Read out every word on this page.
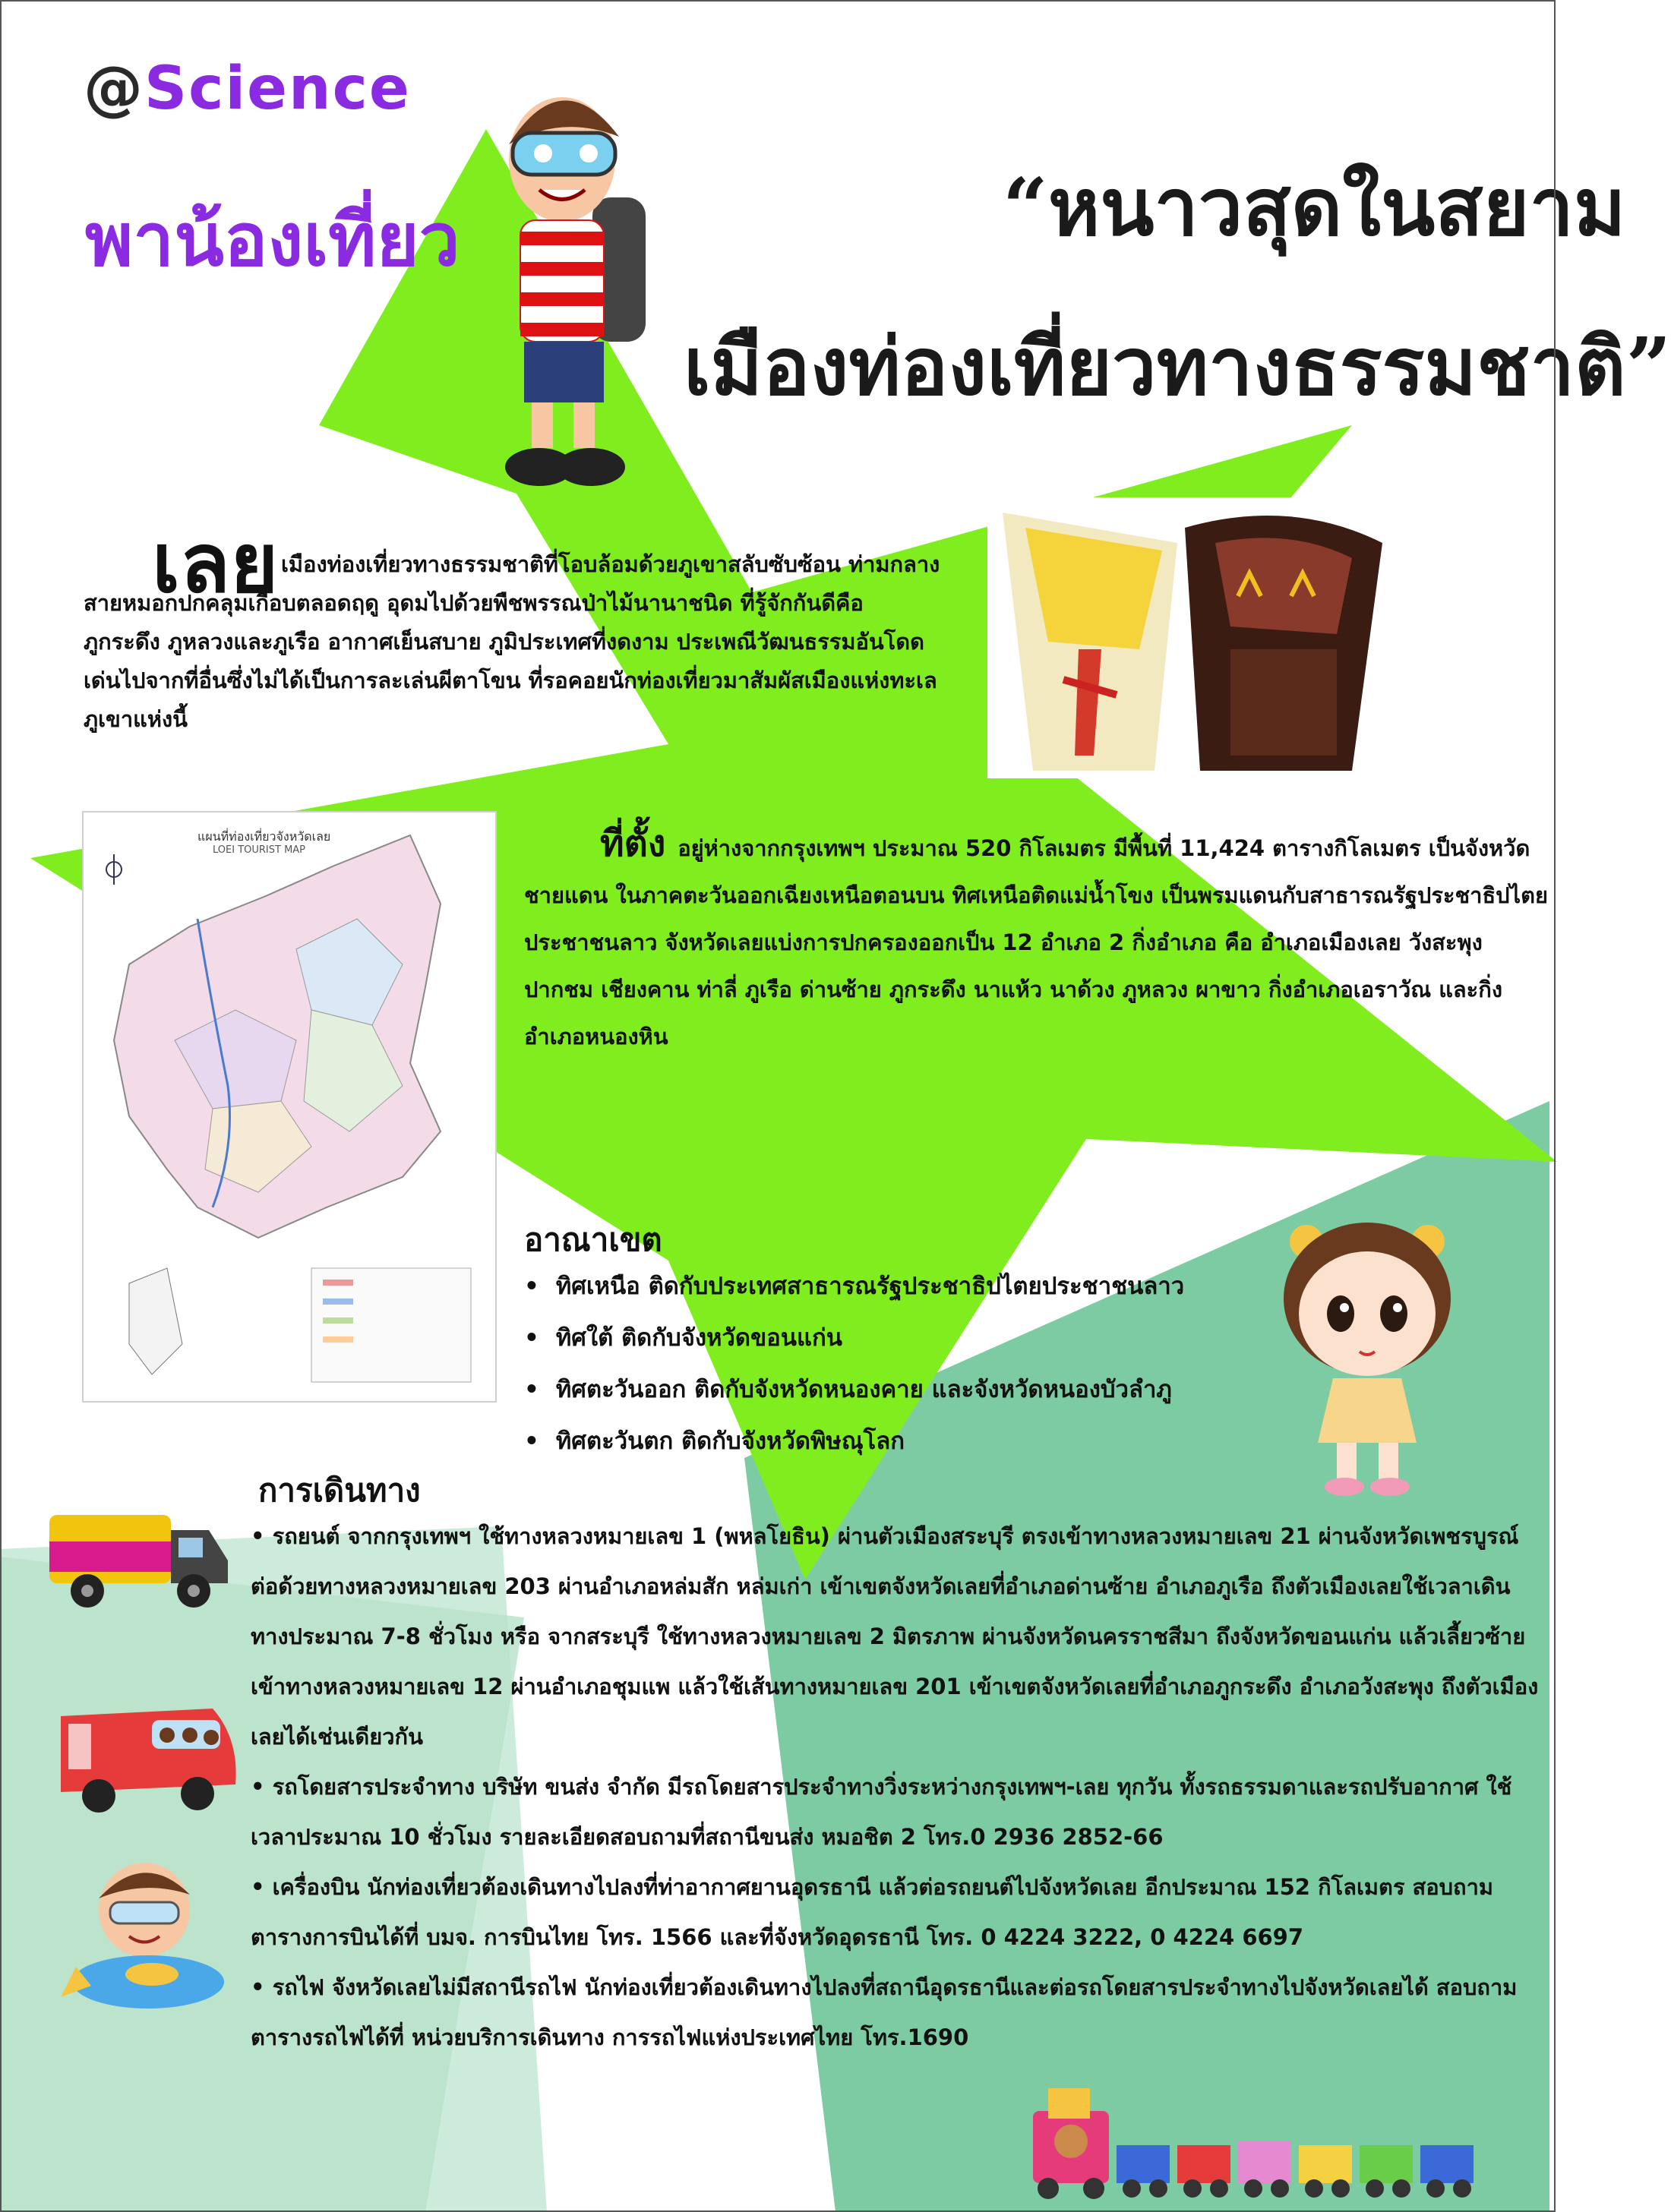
@Science
พาน้องเที่ยว	“หนาวสุดในสยาม
เมืองท่องเที่ยวทางธรรมชาติ”
เลย เมืองท่องเที่ยวทางธรรมชาติที่โอบล้อมด้วยภูเขาสลับซับซ้อน ท่ามกลางสายหมอกปกคลุมเกือบตลอดฤดู อุดมไปด้วยพืชพรรณป่าไม้นานาชนิด ที่รู้จักกันดีคือ ภูกระดึง ภูหลวงและภูเรือ อากาศเย็นสบาย ภูมิประเทศที่งดงาม ประเพณีวัฒนธรรมอันโดดเด่นไปจากที่อื่นซึ่งไม่ได้เป็นการละเล่นผีตาโขน ที่รอคอยนักท่องเที่ยวมาสัมผัสเมืองแห่งทะเลภูเขาแห่งนี้
แผนที่ท่องเที่ยวจังหวัดเลย
LOEI TOURIST MAP	ที่ตั้ง อยู่ห่างจากกรุงเทพฯ ประมาณ 520 กิโลเมตร มีพื้นที่ 11,424 ตารางกิโลเมตร เป็นจังหวัดชายแดน ในภาคตะวันออกเฉียงเหนือตอนบน ทิศเหนือติดแม่น้ำโขง เป็นพรมแดนกับสาธารณรัฐประชาธิปไตยประชาชนลาว จังหวัดเลยแบ่งการปกครองออกเป็น 12 อำเภอ 2 กิ่งอำเภอ คือ อำเภอเมืองเลย วังสะพุง ปากชม เชียงคาน ท่าลี่ ภูเรือ ด่านซ้าย ภูกระดึง นาแห้ว นาด้วง ภูหลวง ผาขาว กิ่งอำเภอเอราวัณ และกิ่งอำเภอหนองหิน
อาณาเขต
• ทิศเหนือ ติดกับประเทศสาธารณรัฐประชาธิปไตยประชาชนลาว
• ทิศใต้ ติดกับจังหวัดขอนแก่น
• ทิศตะวันออก ติดกับจังหวัดหนองคาย และจังหวัดหนองบัวลำภู
• ทิศตะวันตก ติดกับจังหวัดพิษณุโลก
การเดินทาง

• รถยนต์ จากกรุงเทพฯ ใช้ทางหลวงหมายเลข 1 (พหลโยธิน) ผ่านตัวเมืองสระบุรี ตรงเข้าทางหลวงหมายเลข 21 ผ่านจังหวัดเพชรบูรณ์ ต่อด้วยทางหลวงหมายเลข 203 ผ่านอำเภอหล่มสัก หล่มเก่า เข้าเขตจังหวัดเลยที่อำเภอด่านซ้าย อำเภอภูเรือ ถึงตัวเมืองเลยใช้เวลาเดินทางประมาณ 7-8 ชั่วโมง หรือ จากสระบุรี ใช้ทางหลวงหมายเลข 2 มิตรภาพ ผ่านจังหวัดนครราชสีมา ถึงจังหวัดขอนแก่น แล้วเลี้ยวซ้ายเข้าทางหลวงหมายเลข 12 ผ่านอำเภอชุมแพ แล้วใช้เส้นทางหมายเลข 201 เข้าเขตจังหวัดเลยที่อำเภอภูกระดึง อำเภอวังสะพุง ถึงตัวเมืองเลยได้เช่นเดียวกัน

• รถโดยสารประจำทาง บริษัท ขนส่ง จำกัด มีรถโดยสารประจำทางวิ่งระหว่างกรุงเทพฯ-เลย ทุกวัน ทั้งรถธรรมดาและรถปรับอากาศ ใช้เวลาประมาณ 10 ชั่วโมง รายละเอียดสอบถามที่สถานีขนส่ง หมอชิต 2 โทร.0 2936 2852-66

• เครื่องบิน นักท่องเที่ยวต้องเดินทางไปลงที่ท่าอากาศยานอุดรธานี แล้วต่อรถยนต์ไปจังหวัดเลย อีกประมาณ 152 กิโลเมตร สอบถามตารางการบินได้ที่ บมจ. การบินไทย โทร. 1566 และที่จังหวัดอุดรธานี โทร. 0 4224 3222, 0 4224 6697

• รถไฟ จังหวัดเลยไม่มีสถานีรถไฟ นักท่องเที่ยวต้องเดินทางไปลงที่สถานีอุดรธานีและต่อรถโดยสารประจำทางไปจังหวัดเลยได้ สอบถามตารางรถไฟได้ที่ หน่วยบริการเดินทาง การรถไฟแห่งประเทศไทย โทร.1690
